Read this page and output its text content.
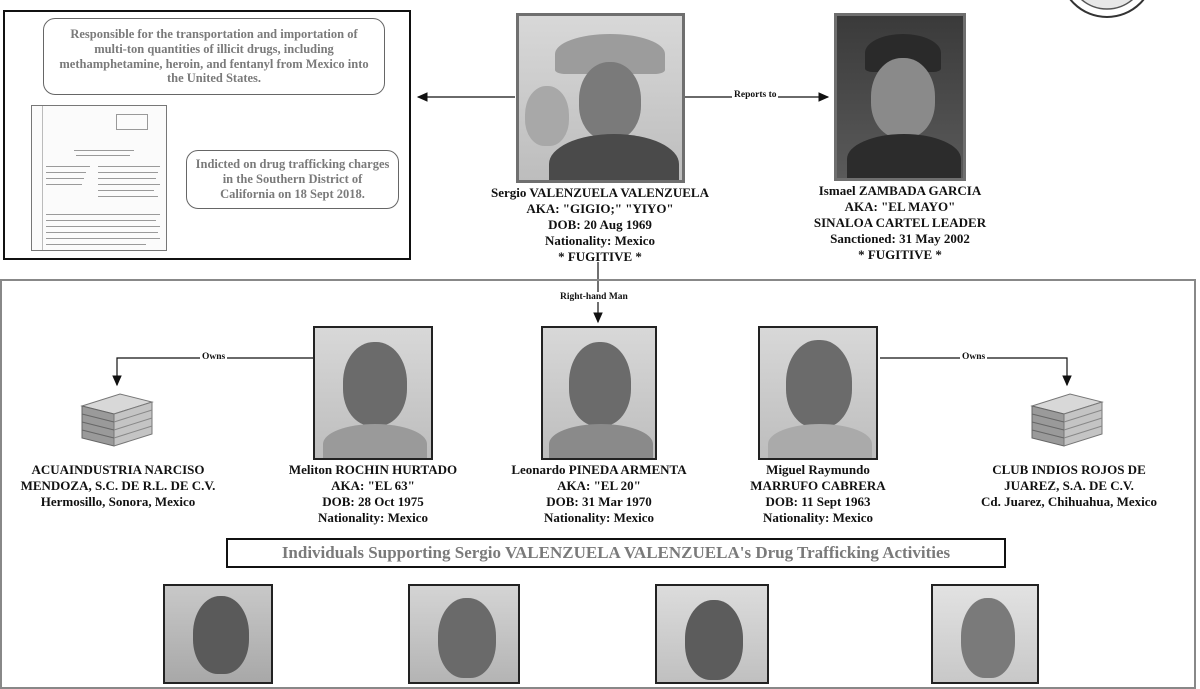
Responsible for the transportation and importation of multi-ton quantities of illicit drugs, including methamphetamine, heroin, and fentanyl from Mexico into the United States.
Indicted on drug trafficking charges in the Southern District of California on 18 Sept 2018.	Sergio VALENZUELA VALENZUELA
AKA: "GIGIO;" "YIYO"
DOB: 20 Aug 1969
Nationality: Mexico
* FUGITIVE *
Reports to
Ismael ZAMBADA GARCIA
AKA: "EL MAYO"
SINALOA CARTEL LEADER
Sanctioned: 31 May 2002
* FUGITIVE *
Right-hand Man
Owns	Owns
Meliton ROCHIN HURTADO
AKA: "EL 63"
DOB: 28 Oct 1975
Nationality: Mexico
Leonardo PINEDA ARMENTA
AKA: "EL 20"
DOB: 31 Mar 1970
Nationality: Mexico
Miguel Raymundo
MARRUFO CABRERA
DOB: 11 Sept 1963
Nationality: Mexico
ACUAINDUSTRIA NARCISO
MENDOZA, S.C. DE R.L. DE C.V.
Hermosillo, Sonora, Mexico
CLUB INDIOS ROJOS DE
JUAREZ, S.A. DE C.V.
Cd. Juarez, Chihuahua, Mexico
Individuals Supporting Sergio VALENZUELA VALENZUELA's Drug Trafficking Activities
